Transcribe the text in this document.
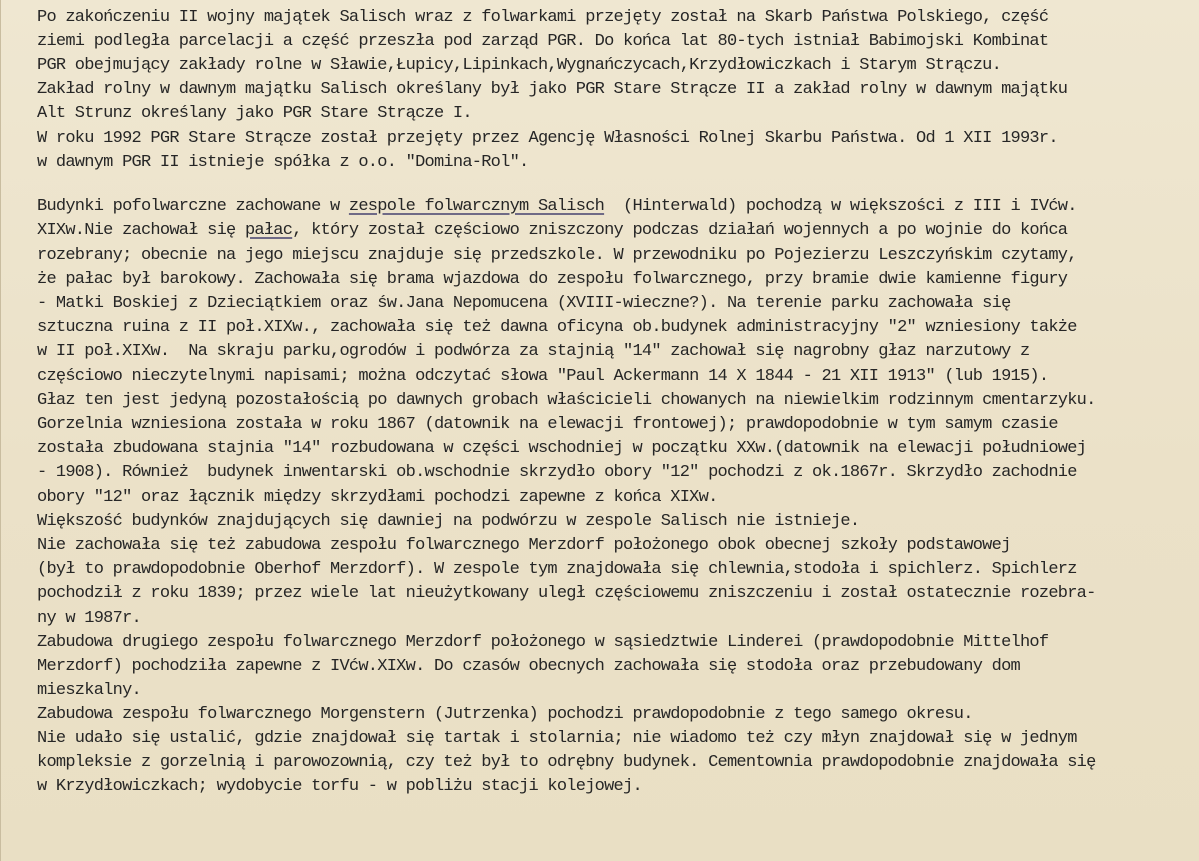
Po zakończeniu II wojny majątek Salisch wraz z folwarkami przejęty został na Skarb Państwa Polskiego, część
ziemi podległa parcelacji a część przeszła pod zarząd PGR. Do końca lat 80-tych istniał Babimojski Kombinat
PGR obejmujący zakłady rolne w Sławie,Łupicy,Lipinkach,Wygnańczycach,Krzydłowiczkach i Starym Strączu.
Zakład rolny w dawnym majątku Salisch określany był jako PGR Stare Strącze II a zakład rolny w dawnym majątku
Alt Strunz określany jako PGR Stare Strącze I.
W roku 1992 PGR Stare Strącze został przejęty przez Agencję Własności Rolnej Skarbu Państwa. Od 1 XII 1993r.
w dawnym PGR II istnieje spółka z o.o. "Domina-Rol".
Budynki pofolwarczne zachowane w zespole folwarcznym Salisch  (Hinterwald) pochodzą w większości z III i IVćw.
XIXw.Nie zachował się pałac, który został częściowo zniszczony podczas działań wojennych a po wojnie do końca
rozebrany; obecnie na jego miejscu znajduje się przedszkole. W przewodniku po Pojezierzu Leszczyńskim czytamy,
że pałac był barokowy. Zachowała się brama wjazdowa do zespołu folwarcznego, przy bramie dwie kamienne figury
- Matki Boskiej z Dzieciątkiem oraz św.Jana Nepomucena (XVIII-wieczne?). Na terenie parku zachowała się
sztuczna ruina z II poł.XIXw., zachowała się też dawna oficyna ob.budynek administracyjny "2" wzniesiony także
w II poł.XIXw.  Na skraju parku,ogrodów i podwórza za stajnią "14" zachował się nagrobny głaz narzutowy z
częściowo nieczytelnymi napisami; można odczytać słowa "Paul Ackermann 14 X 1844 - 21 XII 1913" (lub 1915).
Głaz ten jest jedyną pozostałością po dawnych grobach właścicieli chowanych na niewielkim rodzinnym cmentarzyku.
Gorzelnia wzniesiona została w roku 1867 (datownik na elewacji frontowej); prawdopodobnie w tym samym czasie
została zbudowana stajnia "14" rozbudowana w części wschodniej w początku XXw.(datownik na elewacji południowej
- 1908). Również  budynek inwentarski ob.wschodnie skrzydło obory "12" pochodzi z ok.1867r. Skrzydło zachodnie
obory "12" oraz łącznik między skrzydłami pochodzi zapewne z końca XIXw.
Większość budynków znajdujących się dawniej na podwórzu w zespole Salisch nie istnieje.
Nie zachowała się też zabudowa zespołu folwarcznego Merzdorf położonego obok obecnej szkoły podstawowej
(był to prawdopodobnie Oberhof Merzdorf). W zespole tym znajdowała się chlewnia,stodoła i spichlerz. Spichlerz
pochodził z roku 1839; przez wiele lat nieużytkowany uległ częściowemu zniszczeniu i został ostatecznie rozebra-
ny w 1987r.
Zabudowa drugiego zespołu folwarcznego Merzdorf położonego w sąsiedztwie Linderei (prawdopodobnie Mittelhof
Merzdorf) pochodziła zapewne z IVćw.XIXw. Do czasów obecnych zachowała się stodoła oraz przebudowany dom
mieszkalny.
Zabudowa zespołu folwarcznego Morgenstern (Jutrzenka) pochodzi prawdopodobnie z tego samego okresu.
Nie udało się ustalić, gdzie znajdował się tartak i stolarnia; nie wiadomo też czy młyn znajdował się w jednym
kompleksie z gorzelnią i parowozownią, czy też był to odrębny budynek. Cementownia prawdopodobnie znajdowała się
w Krzydłowiczkach; wydobycie torfu - w pobliżu stacji kolejowej.
